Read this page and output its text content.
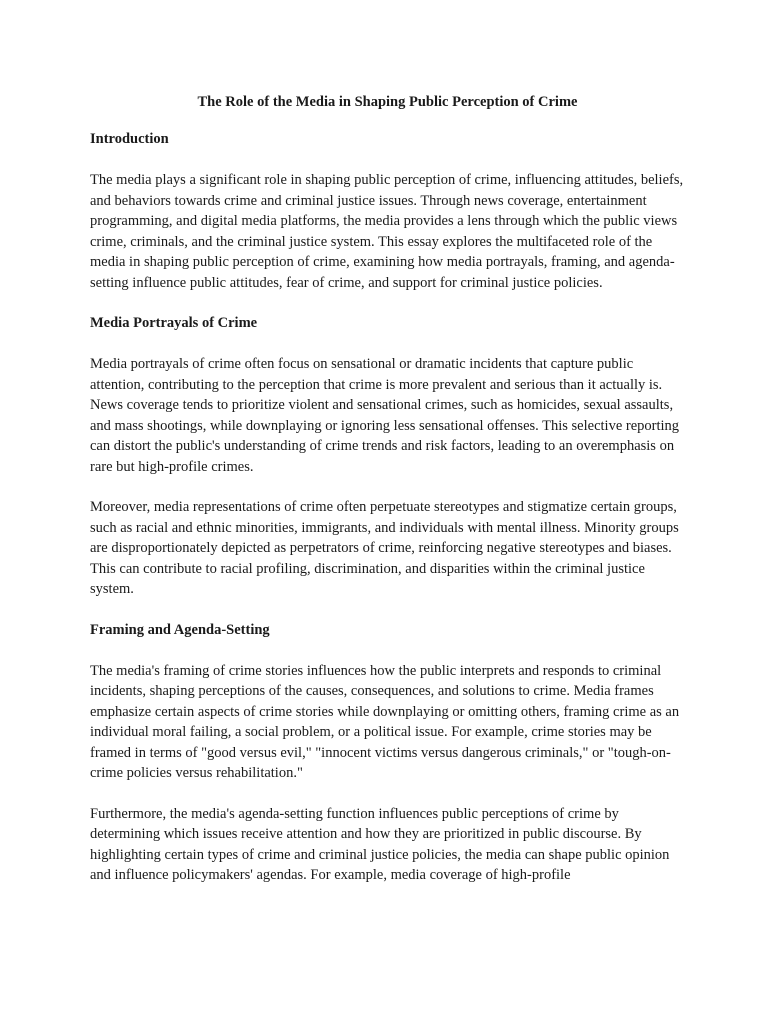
The Role of the Media in Shaping Public Perception of Crime
Introduction

The media plays a significant role in shaping public perception of crime, influencing attitudes, beliefs, and behaviors towards crime and criminal justice issues. Through news coverage, entertainment programming, and digital media platforms, the media provides a lens through which the public views crime, criminals, and the criminal justice system. This essay explores the multifaceted role of the media in shaping public perception of crime, examining how media portrayals, framing, and agenda-setting influence public attitudes, fear of crime, and support for criminal justice policies.

Media Portrayals of Crime

Media portrayals of crime often focus on sensational or dramatic incidents that capture public attention, contributing to the perception that crime is more prevalent and serious than it actually is. News coverage tends to prioritize violent and sensational crimes, such as homicides, sexual assaults, and mass shootings, while downplaying or ignoring less sensational offenses. This selective reporting can distort the public's understanding of crime trends and risk factors, leading to an overemphasis on rare but high-profile crimes.

Moreover, media representations of crime often perpetuate stereotypes and stigmatize certain groups, such as racial and ethnic minorities, immigrants, and individuals with mental illness. Minority groups are disproportionately depicted as perpetrators of crime, reinforcing negative stereotypes and biases. This can contribute to racial profiling, discrimination, and disparities within the criminal justice system.

Framing and Agenda-Setting

The media's framing of crime stories influences how the public interprets and responds to criminal incidents, shaping perceptions of the causes, consequences, and solutions to crime. Media frames emphasize certain aspects of crime stories while downplaying or omitting others, framing crime as an individual moral failing, a social problem, or a political issue. For example, crime stories may be framed in terms of "good versus evil," "innocent victims versus dangerous criminals," or "tough-on-crime policies versus rehabilitation."

Furthermore, the media's agenda-setting function influences public perceptions of crime by determining which issues receive attention and how they are prioritized in public discourse. By highlighting certain types of crime and criminal justice policies, the media can shape public opinion and influence policymakers' agendas. For example, media coverage of high-profile
